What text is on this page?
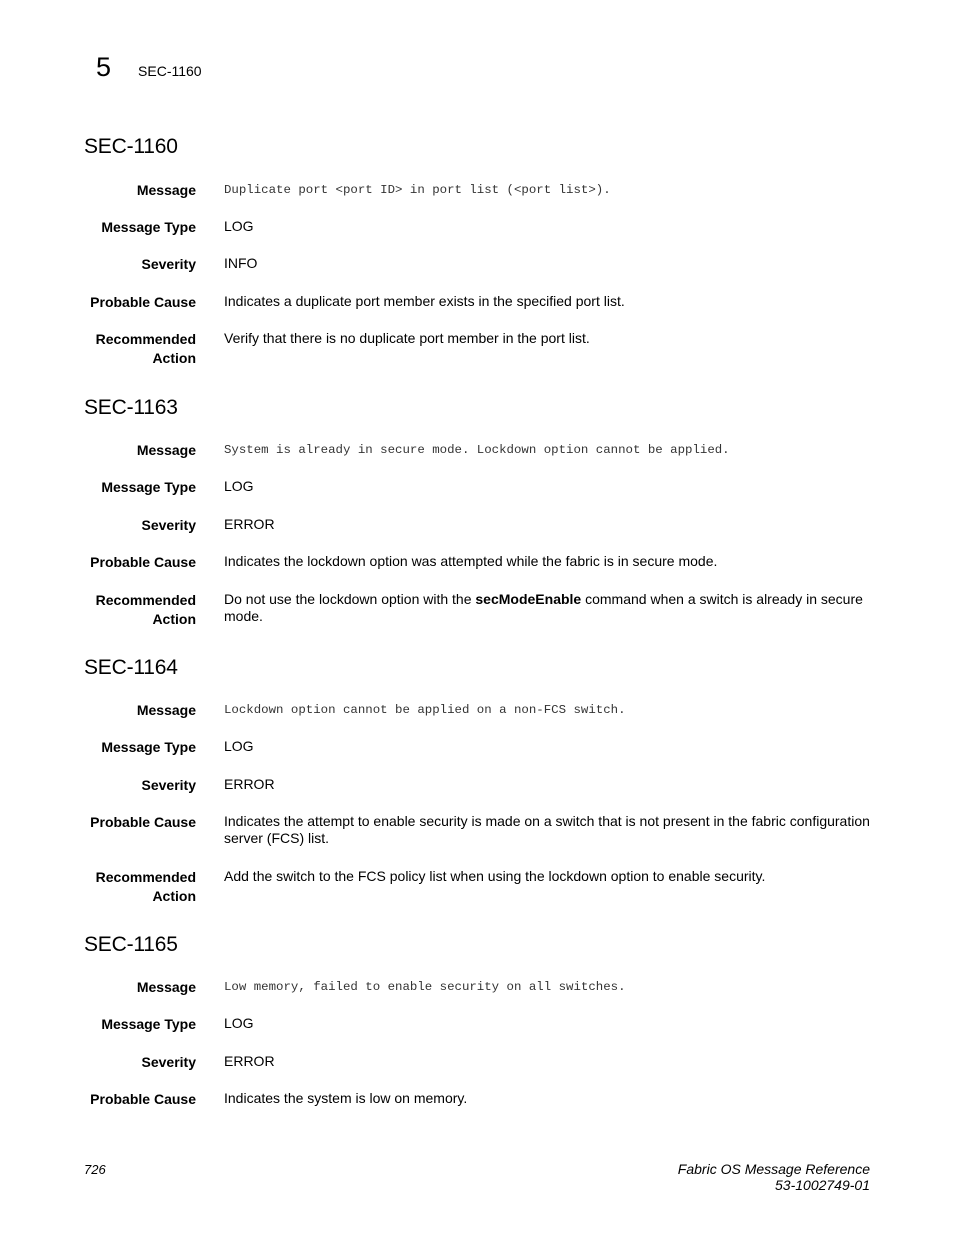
5 SEC-1160
SEC-1160
Message Duplicate port <port ID> in port list (<port list>).
Message Type LOG
Severity INFO
Probable Cause Indicates a duplicate port member exists in the specified port list.
Recommended Action
Verify that there is no duplicate port member in the port list.
SEC-1163
Message System is already in secure mode. Lockdown option cannot be applied.
Message Type LOG
Severity ERROR
Probable Cause Indicates the lockdown option was attempted while the fabric is in secure mode.
Recommended Action
Do not use the lockdown option with the secModeEnable command when a switch is already in secure mode.
SEC-1164
Message Lockdown option cannot be applied on a non-FCS switch.
Message Type LOG
Severity ERROR
Probable Cause Indicates the attempt to enable security is made on a switch that is not present in the fabric configuration server (FCS) list.
Recommended Action
Add the switch to the FCS policy list when using the lockdown option to enable security.
SEC-1165
Message Low memory, failed to enable security on all switches.
Message Type LOG
Severity ERROR
Probable Cause Indicates the system is low on memory.
726	Fabric OS Message Reference
53-1002749-01
